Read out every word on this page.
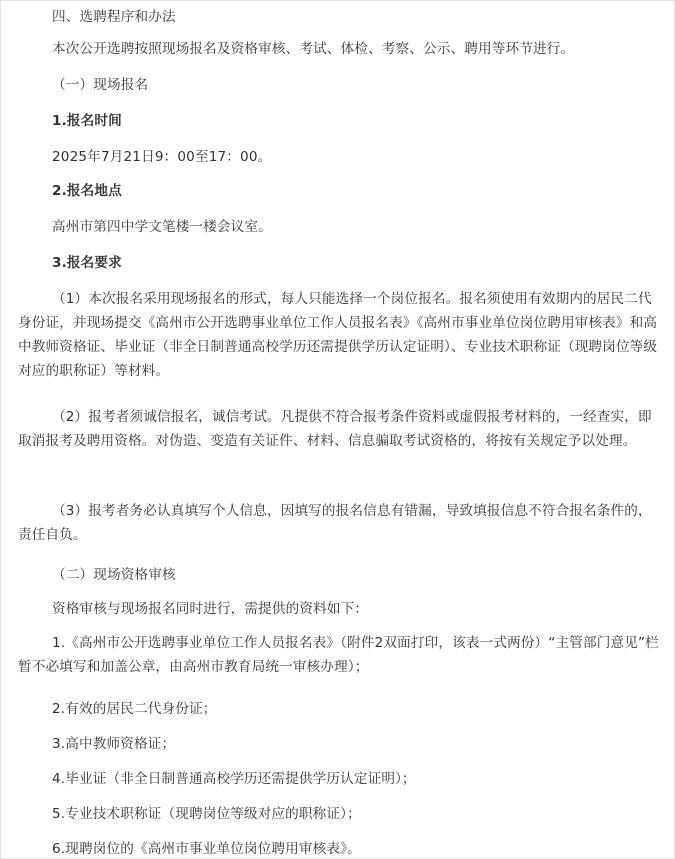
四、选聘程序和办法

本次公开选聘按照现场报名及资格审核、考试、体检、考察、公示、聘用等环节进行。

（一）现场报名

1.报名时间

2025年7月21日9：00至17：00。

2.报名地点

高州市第四中学文笔楼一楼会议室。

3.报名要求

（1）本次报名采用现场报名的形式，每人只能选择一个岗位报名。报名须使用有效期内的居民二代身份证，并现场提交《高州市公开选聘事业单位工作人员报名表》《高州市事业单位岗位聘用审核表》和高中教师资格证、毕业证（非全日制普通高校学历还需提供学历认定证明）、专业技术职称证（现聘岗位等级对应的职称证）等材料。

（2）报考者须诚信报名，诚信考试。凡提供不符合报考条件资料或虚假报考材料的，一经查实，即取消报考及聘用资格。对伪造、变造有关证件、材料、信息骗取考试资格的，将按有关规定予以处理。

（3）报考者务必认真填写个人信息，因填写的报名信息有错漏，导致填报信息不符合报名条件的，责任自负。

（二）现场资格审核

资格审核与现场报名同时进行，需提供的资料如下：

1.《高州市公开选聘事业单位工作人员报名表》（附件2双面打印，该表一式两份）“主管部门意见”栏暂不必填写和加盖公章，由高州市教育局统一审核办理）；

2.有效的居民二代身份证；

3.高中教师资格证；

4.毕业证（非全日制普通高校学历还需提供学历认定证明）；

5.专业技术职称证（现聘岗位等级对应的职称证）；

6.现聘岗位的《高州市事业单位岗位聘用审核表》。
